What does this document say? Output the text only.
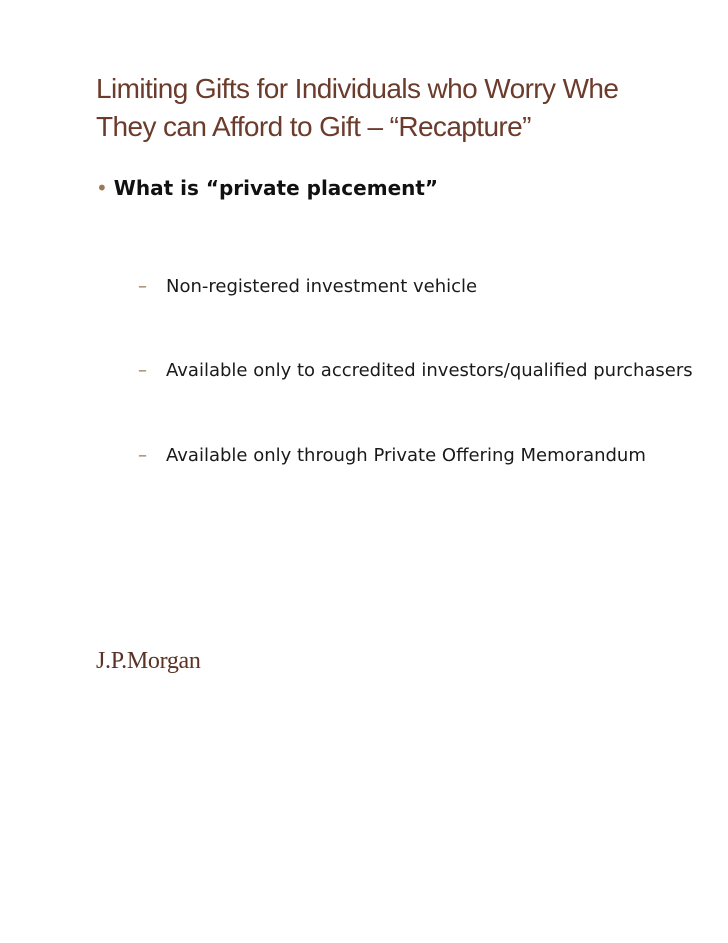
Limiting Gifts for Individuals who Worry Whe
They can Afford to Gift – “Recapture”
• What is “private placement”
– Non-registered investment vehicle
– Available only to accredited investors/qualified purchasers
– Available only through Private Offering Memorandum
J.P.Morgan
